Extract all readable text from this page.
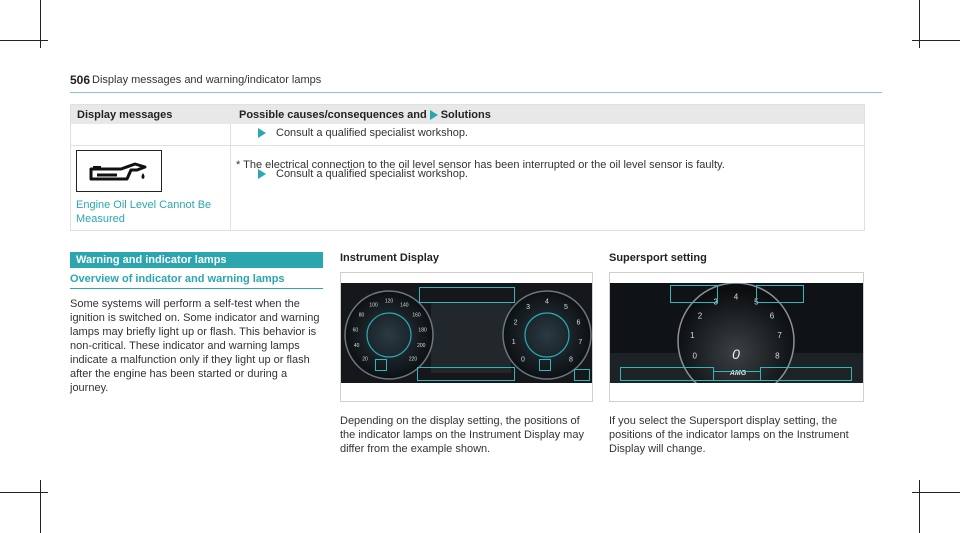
506 Display messages and warning/indicator lamps
Display messages	Possible causes/consequences and Solutions
Consult a qualified specialist workshop.
Engine Oil Level Cannot Be Measured
* The electrical connection to the oil level sensor has been interrupted or the oil level sensor is faulty.
Consult a qualified specialist workshop.
Warning and indicator lamps
Overview of indicator and warning lamps
Some systems will perform a self-test when the ignition is switched on. Some indicator and warning lamps may briefly light up or flash. This behavior is non-critical. These indicator and warning lamps indicate a malfunction only if they light up or flash after the engine has been started or during a journey.
Instrument Display
20
40
60
80
100
120
140
160
180
200
220	0
1
2
3
4
5
6
7
8
Depending on the display setting, the positions of the indicator lamps on the Instrument Display may differ from the example shown.
Supersport setting
0
1
2
3
4
5
6
7
8
0
AMG
If you select the Supersport display setting, the positions of the indicator lamps on the Instrument Display will change.
